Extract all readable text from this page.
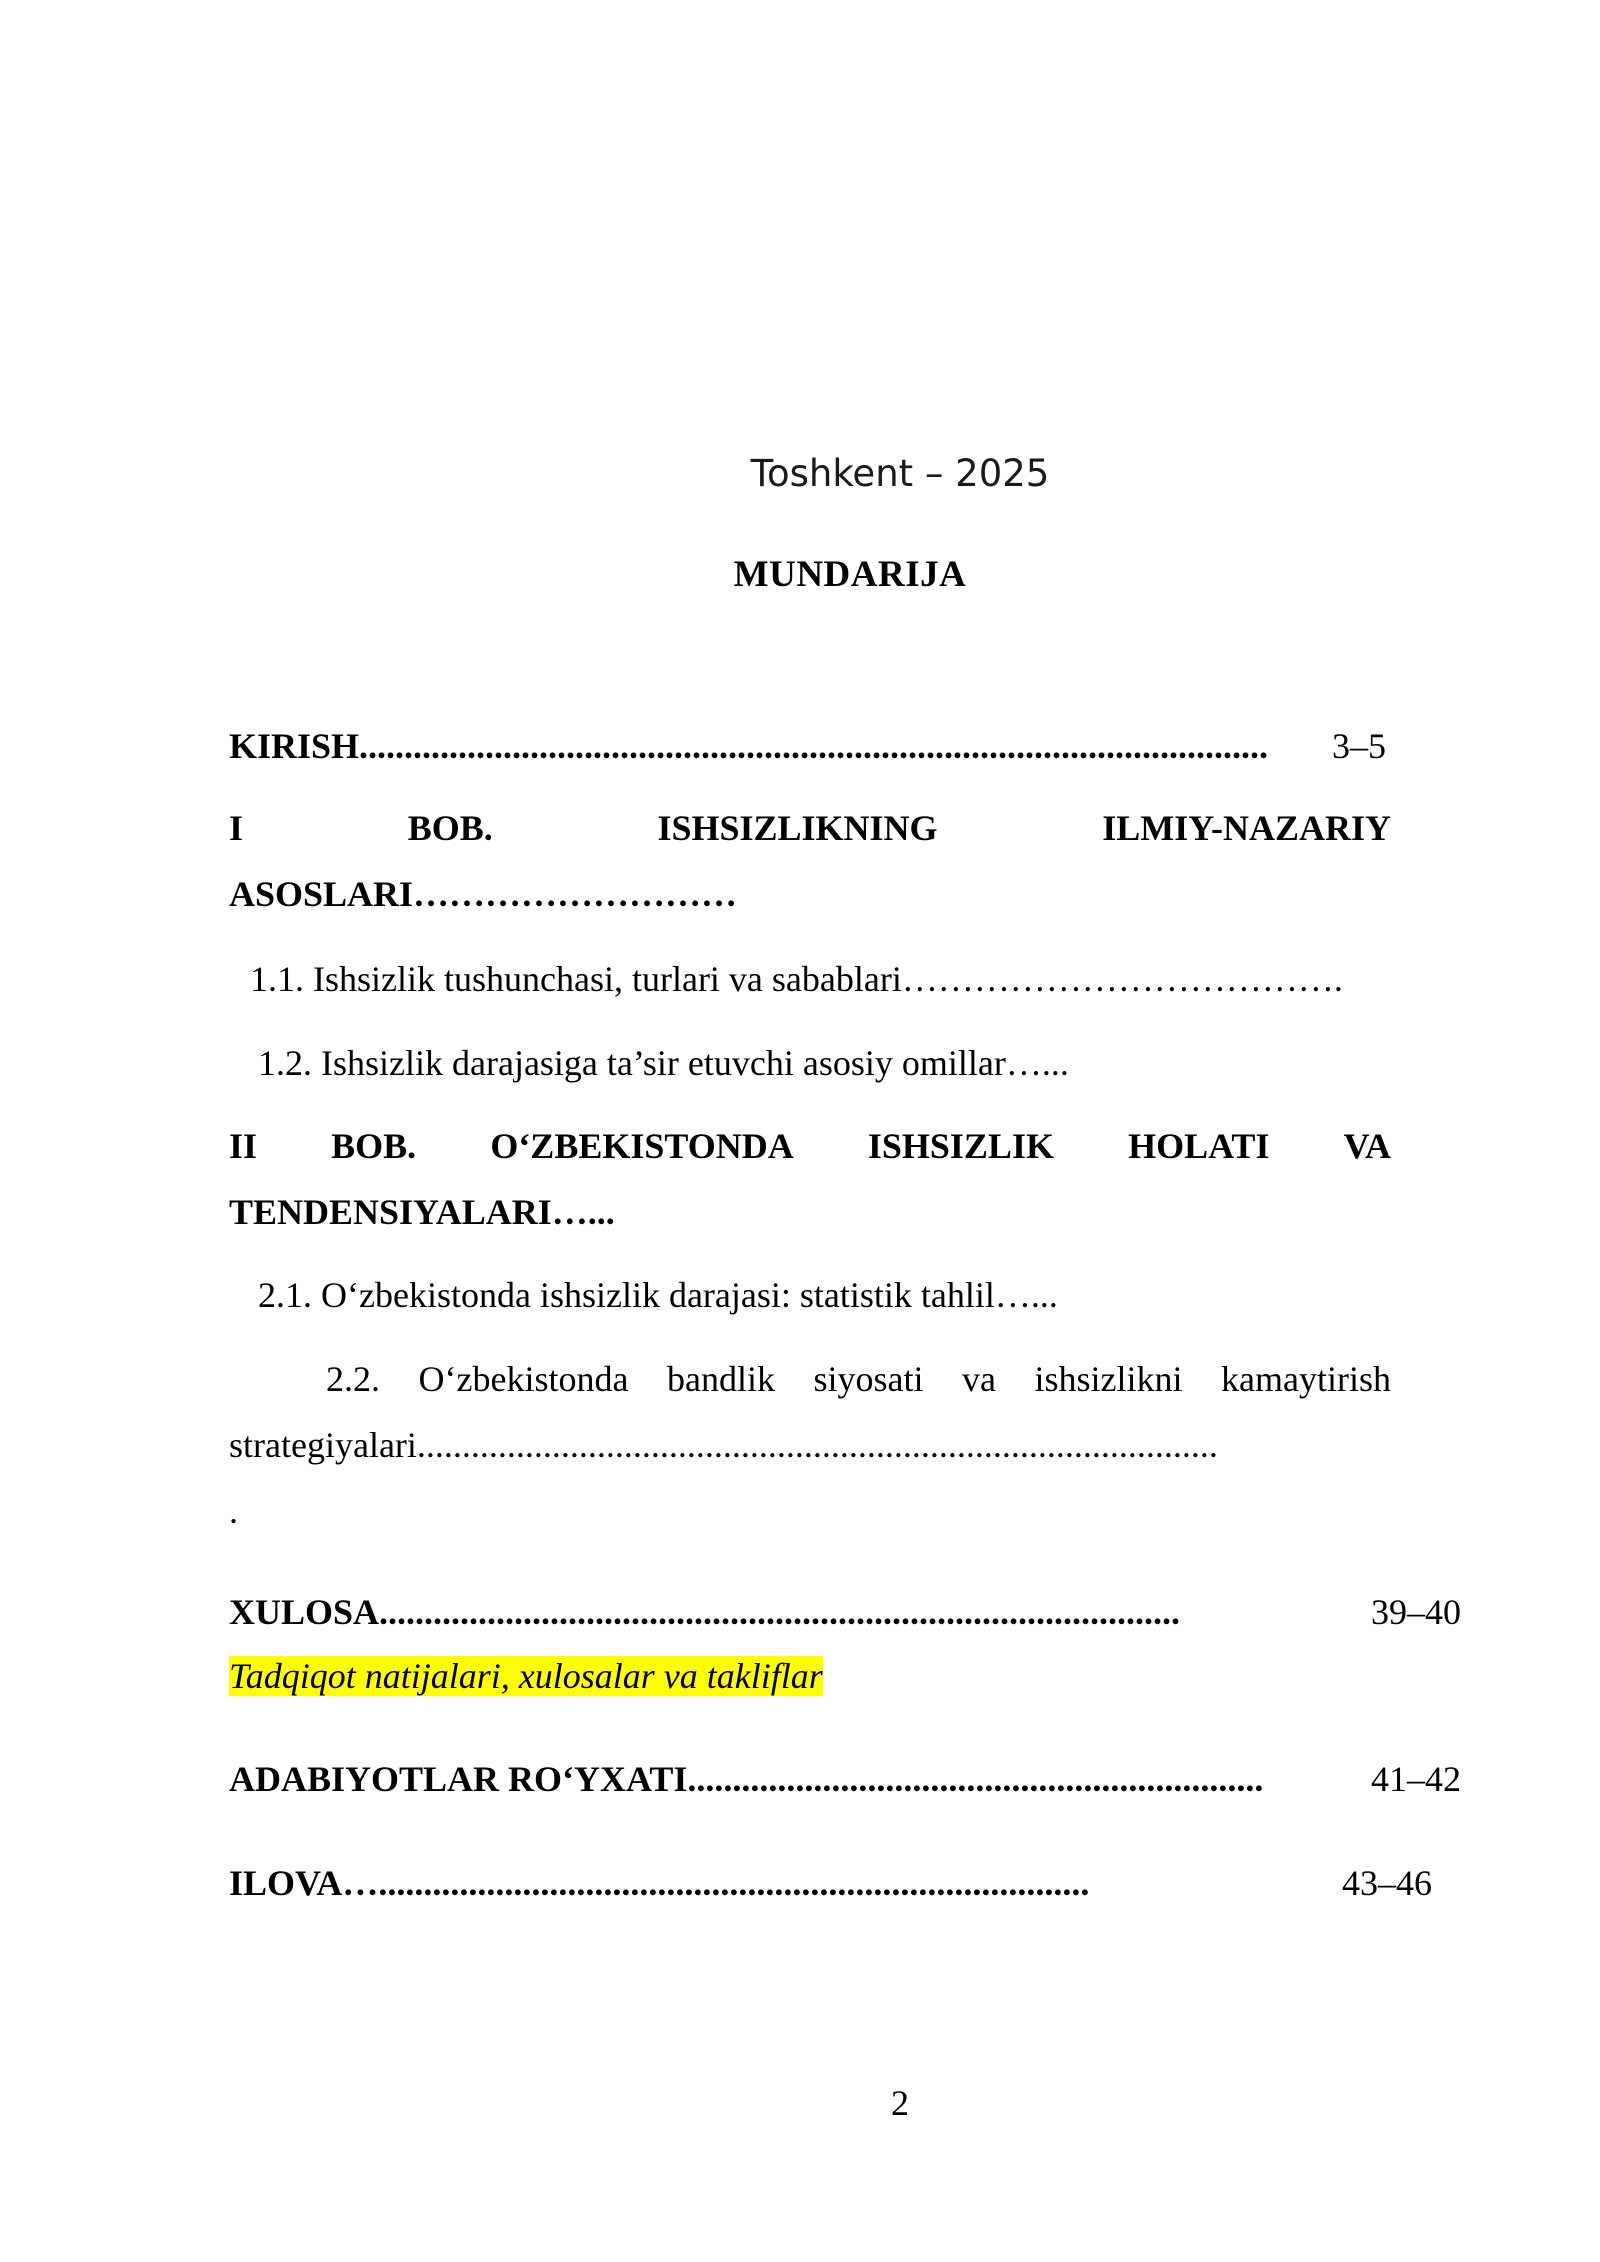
Toshkent – 2025
MUNDARIJA
KIRISH..................................................................................................... 3–5
I	BOB.	ISHSIZLIKNING	ILMIY-NAZARIY
ASOSLARI………………………
1.1. Ishsizlik tushunchasi, turlari va sabablari……………………………….
1.2. Ishsizlik darajasiga ta’sir etuvchi asosiy omillar…...
II BOB. O‘ZBEKISTONDA ISHSIZLIK HOLATI VA
TENDENSIYALARI…...
2.1. O‘zbekistonda ishsizlik darajasi: statistik tahlil…...
2.2. O‘zbekistonda bandlik siyosati va ishsizlikni kamaytirish
strategiyalari.........................................................................................
.
XULOSA.........................................................................................	39–40
Tadqiqot natijalari, xulosalar va takliflar
ADABIYOTLAR RO‘YXATI................................................................	41–42
ILOVA…...............................................................................	43–46
2
